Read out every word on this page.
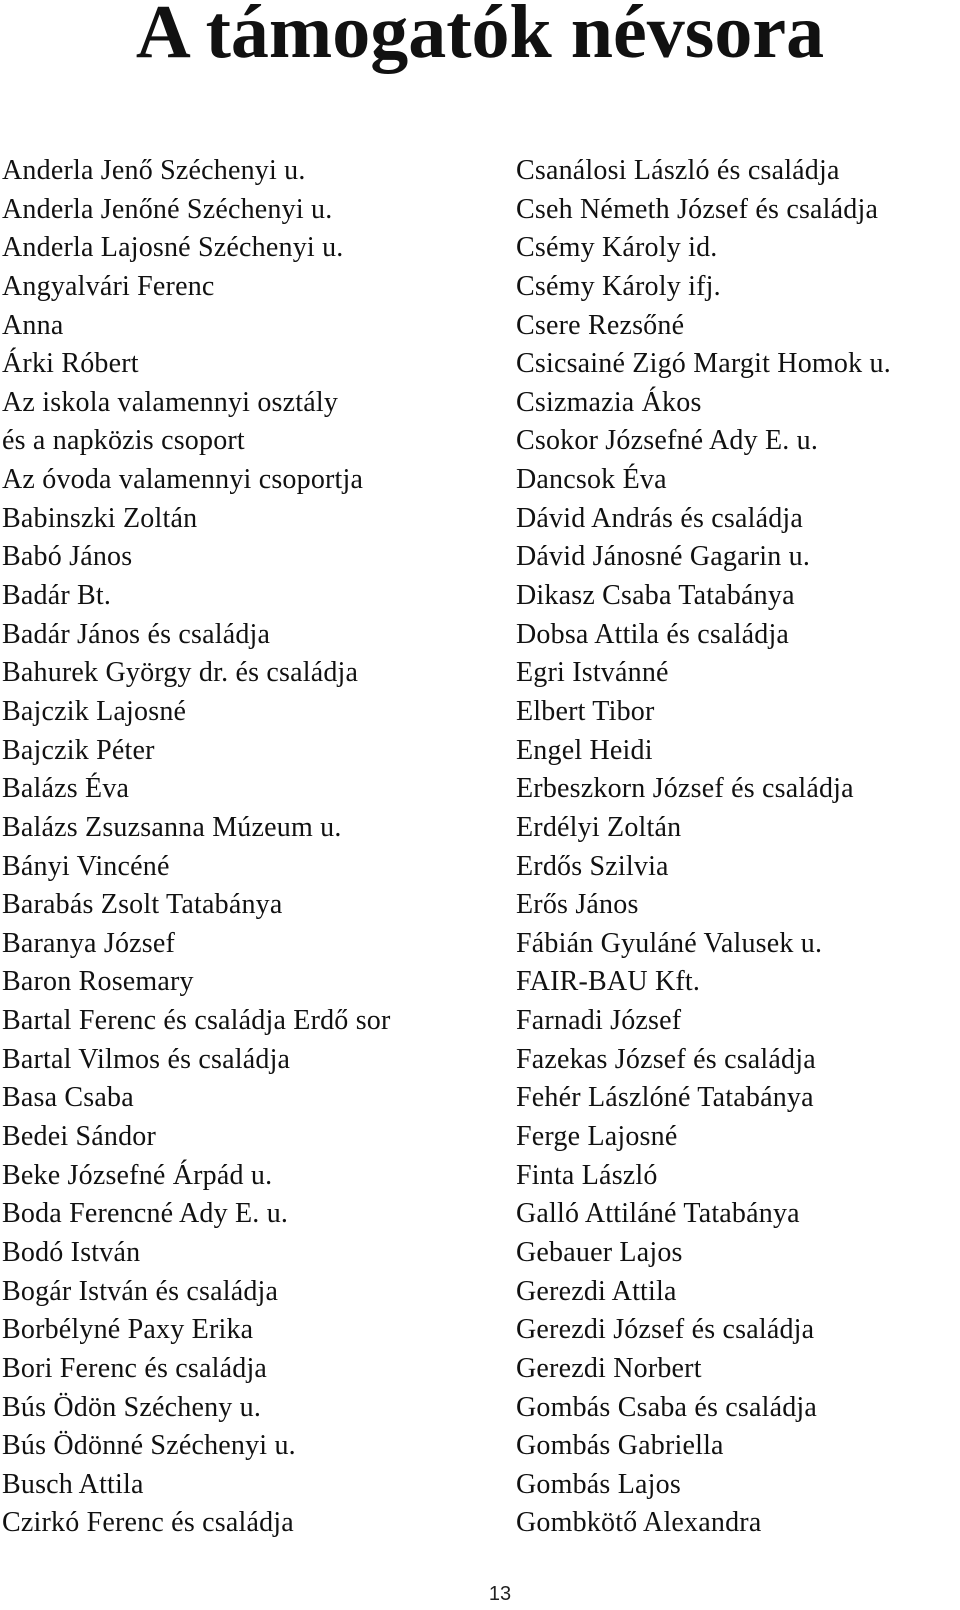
A támogatók névsora
Anderla Jenő Széchenyi u.
Anderla Jenőné Széchenyi u.
Anderla Lajosné Széchenyi u.
Angyalvári Ferenc
Anna
Árki Róbert
Az iskola valamennyi osztály
és a napközis csoport
Az óvoda valamennyi csoportja
Babinszki Zoltán
Babó János
Badár Bt.
Badár János és családja
Bahurek György dr. és családja
Bajczik Lajosné
Bajczik Péter
Balázs Éva
Balázs Zsuzsanna Múzeum u.
Bányi Vincéné
Barabás Zsolt Tatabánya
Baranya József
Baron Rosemary
Bartal Ferenc és családja Erdő sor
Bartal Vilmos és családja
Basa Csaba
Bedei Sándor
Beke Józsefné Árpád u.
Boda Ferencné Ady E. u.
Bodó István
Bogár István és családja
Borbélyné Paxy Erika
Bori Ferenc és családja
Bús Ödön Szécheny u.
Bús Ödönné Széchenyi u.
Busch Attila
Czirkó Ferenc és családja
Csanálosi László és családja
Cseh Németh József és családja
Csémy Károly id.
Csémy Károly ifj.
Csere Rezsőné
Csicsainé Zigó Margit Homok u.
Csizmazia Ákos
Csokor Józsefné Ady E. u.
Dancsok Éva
Dávid András és családja
Dávid Jánosné Gagarin u.
Dikasz Csaba Tatabánya
Dobsa Attila és családja
Egri Istvánné
Elbert Tibor
Engel Heidi
Erbeszkorn József és családja
Erdélyi Zoltán
Erdős Szilvia
Erős János
Fábián Gyuláné Valusek u.
FAIR-BAU Kft.
Farnadi József
Fazekas József és családja
Fehér Lászlóné Tatabánya
Ferge Lajosné
Finta László
Galló Attiláné Tatabánya
Gebauer Lajos
Gerezdi Attila
Gerezdi József és családja
Gerezdi Norbert
Gombás Csaba és családja
Gombás Gabriella
Gombás Lajos
Gombkötő Alexandra
13
